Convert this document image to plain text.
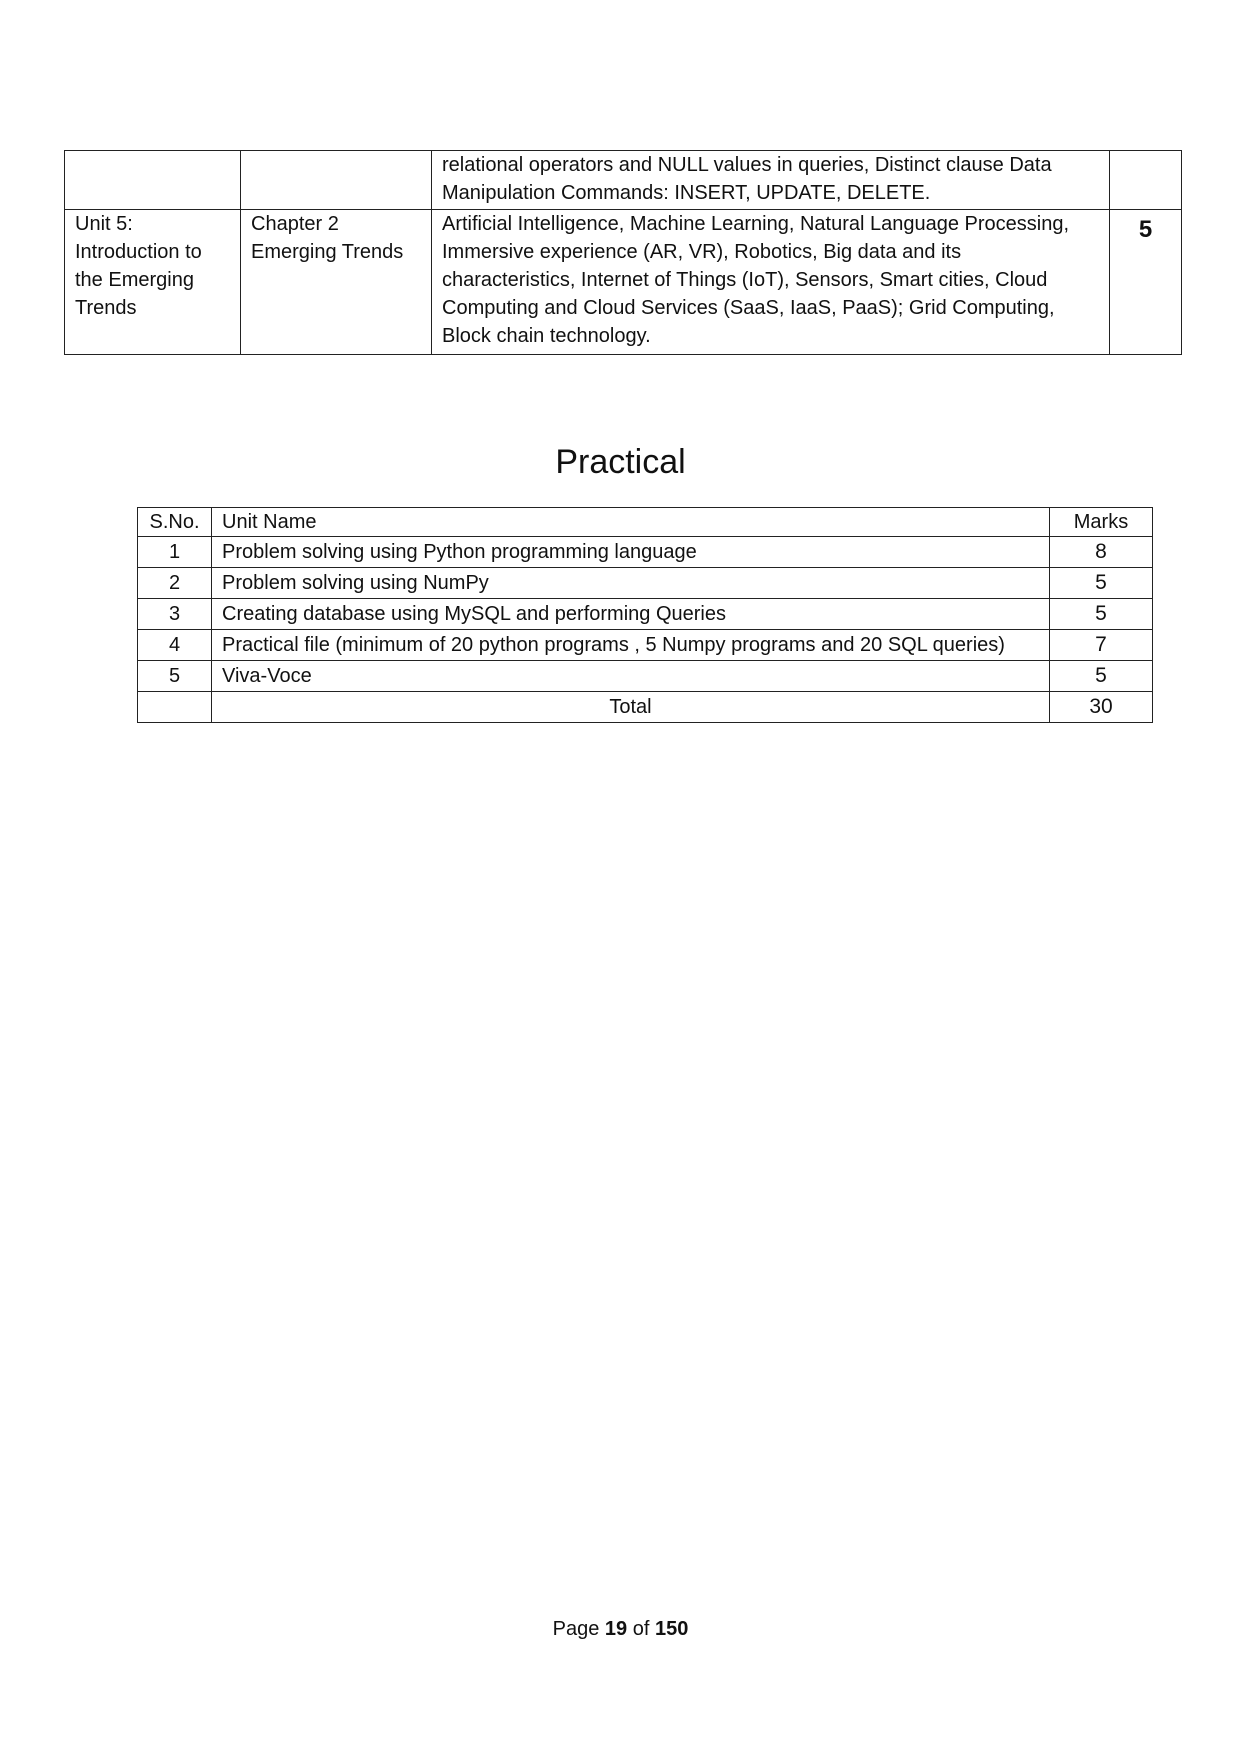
		relational operators and NULL values in queries, Distinct clause Data Manipulation Commands: INSERT, UPDATE, DELETE.	
Unit 5: Introduction to the Emerging Trends	Chapter 2 Emerging Trends	Artificial Intelligence, Machine Learning, Natural Language Processing, Immersive experience (AR, VR), Robotics, Big data and its characteristics, Internet of Things (IoT), Sensors, Smart cities, Cloud Computing and Cloud Services (SaaS, IaaS, PaaS); Grid Computing, Block chain technology.	5
Practical
S.No.	Unit Name	Marks
1	Problem solving using Python programming language	8
2	Problem solving using NumPy	5
3	Creating database using MySQL and performing Queries	5
4	Practical file (minimum of 20 python programs , 5 Numpy programs and 20 SQL queries)	7
5	Viva-Voce	5
	Total	30
Page 19 of 150
